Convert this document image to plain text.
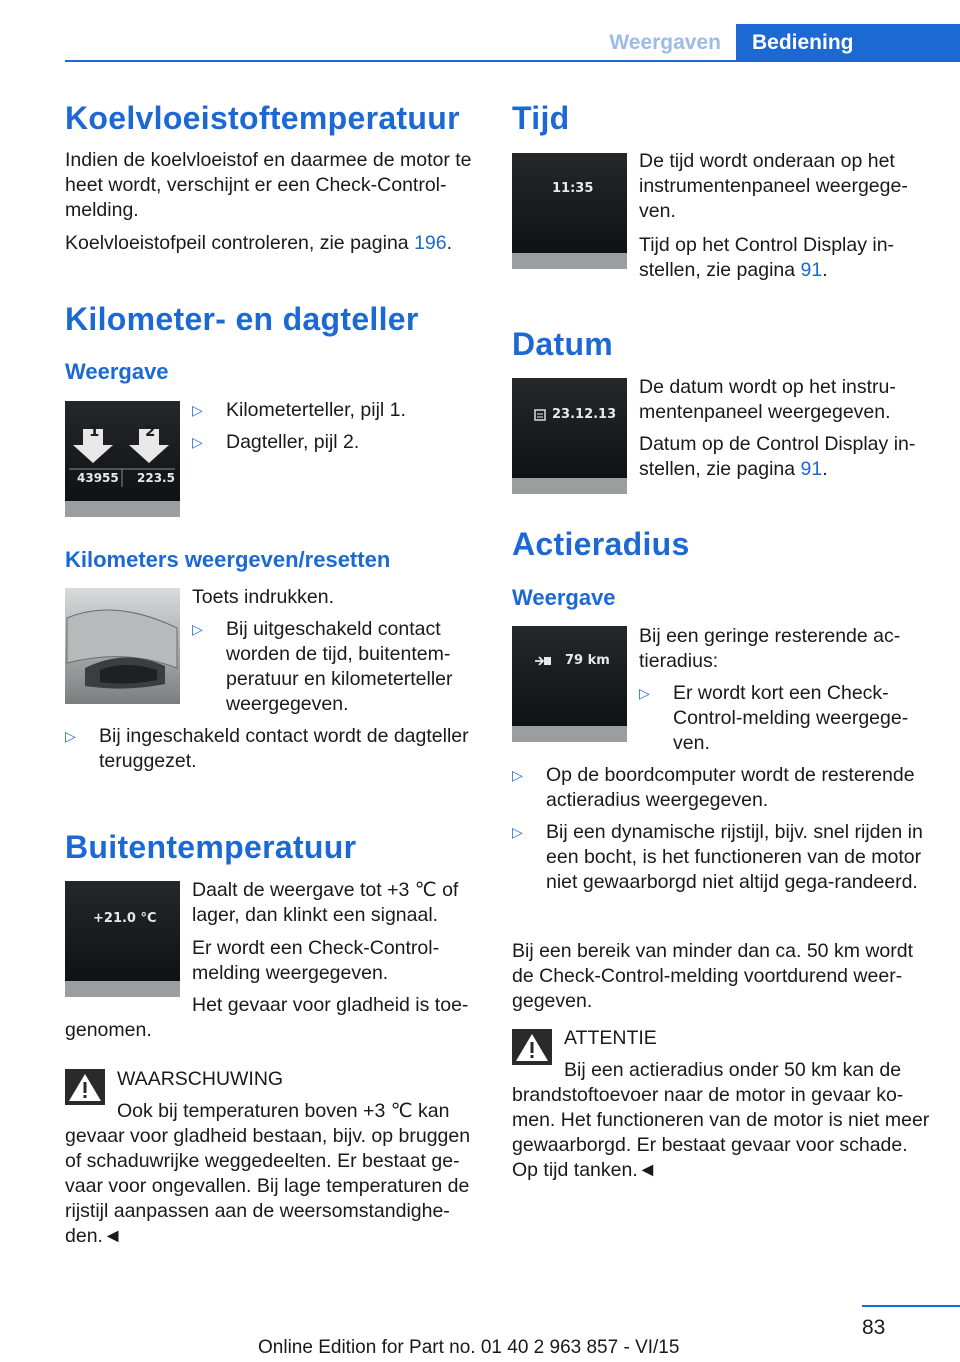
Weergaven	Bediening
Koelvloeistoftemperatuur
Indien de koelvloeistof en daarmee de motor te heet wordt, verschijnt er een Check-Control-melding.
Koelvloeistofpeil controleren, zie pagina 196.
Kilometer- en dagteller
Weergave
1	2
43955 223.5
▷ Kilometerteller, pijl 1.
▷ Dagteller, pijl 2.
Kilometers weergeven/resetten
Toets indrukken.
▷ Bij uitgeschakeld contact worden de tijd, buitentem-peratuur en kilometerteller weergegeven.
▷ Bij ingeschakeld contact wordt de dagteller teruggezet.
Buitentemperatuur
+21.0 °C
Daalt de weergave tot +3 ℃ of lager, dan klinkt een signaal.
Er wordt een Check-Control-melding weergegeven.
Het gevaar voor gladheid is toe-
genomen.
WAARSCHUWING
Ook bij temperaturen boven +3 ℃ kan
gevaar voor gladheid bestaan, bijv. op bruggen of schaduwrijke weggedeelten. Er bestaat ge-vaar voor ongevallen. Bij lage temperaturen de rijstijl aanpassen aan de weersomstandighe-den.◄
Tijd
11:35
De tijd wordt onderaan op het instrumentenpaneel weergege-ven.
Tijd op het Control Display in-stellen, zie pagina 91.
Datum
23.12.13
De datum wordt op het instru-mentenpaneel weergegeven.
Datum op de Control Display in-stellen, zie pagina 91.
Actieradius
Weergave
79 km
Bij een geringe resterende ac-tieradius:
▷ Er wordt kort een Check-Control-melding weergege-ven.
▷ Op de boordcomputer wordt de resterende actieradius weergegeven.
▷ Bij een dynamische rijstijl, bijv. snel rijden in een bocht, is het functioneren van de motor niet gewaarborgd niet altijd gega-randeerd.
Bij een bereik van minder dan ca. 50 km wordt de Check-Control-melding voortdurend weer-gegeven.
ATTENTIE
Bij een actieradius onder 50 km kan de
brandstoftoevoer naar de motor in gevaar ko-men. Het functioneren van de motor is niet meer gewaarborgd. Er bestaat gevaar voor schade. Op tijd tanken.◄
83
Online Edition for Part no. 01 40 2 963 857 - VI/15
